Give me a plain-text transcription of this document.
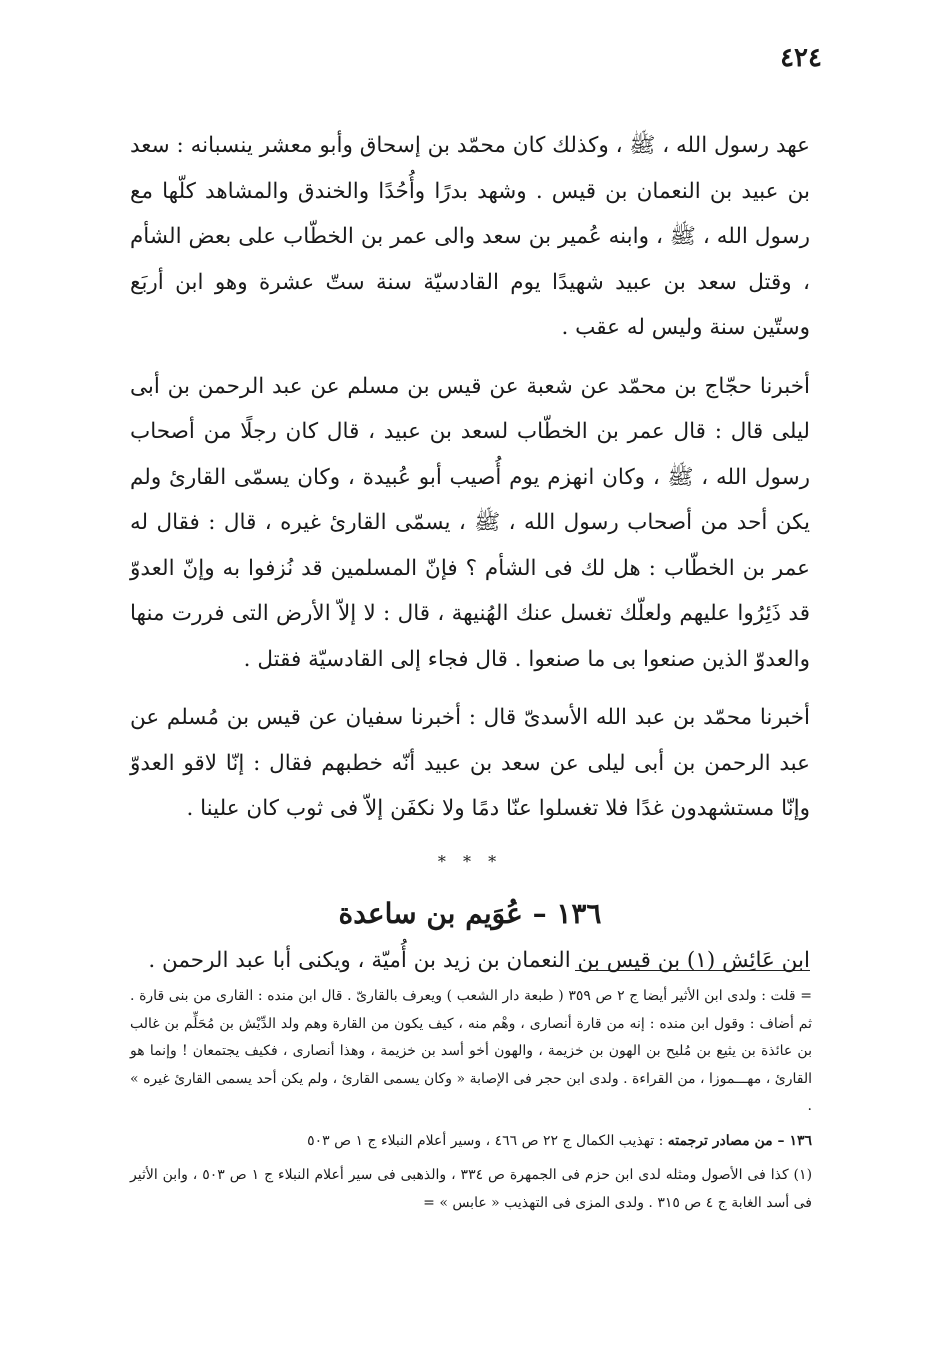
٤٢٤

عهد رسول الله ، ﷺ ، وكذلك كان محمّد بن إسحاق وأبو معشر ينسبانه : سعد بن عبيد بن النعمان بن قيس . وشهد بدرًا وأُحُدًا والخندق والمشاهد كلّها مع رسول الله ، ﷺ ، وابنه عُمير بن سعد والى عمر بن الخطّاب على بعض الشأم ، وقتل سعد بن عبيد شهيدًا يوم القادسيّة سنة ستّ عشرة وهو ابن أربَع وستّين سنة وليس له عقب .

أخبرنا حجّاج بن محمّد عن شعبة عن قيس بن مسلم عن عبد الرحمن بن أبى ليلى قال : قال عمر بن الخطّاب لسعد بن عبيد ، قال كان رجلًا من أصحاب رسول الله ، ﷺ ، وكان انهزم يوم أُصيب أبو عُبيدة ، وكان يسمّى القارئ ولم يكن أحد من أصحاب رسول الله ، ﷺ ، يسمّى القارئ غيره ، قال : فقال له عمر بن الخطّاب : هل لك فى الشأم ؟ فإنّ المسلمين قد نُزفوا به وإنّ العدوّ قد ذَئِرُوا عليهم ولعلّك تغسل عنك الهُنيهة ، قال : لا إلاّ الأرض التى فررت منها والعدوّ الذين صنعوا بى ما صنعوا . قال فجاء إلى القادسيّة فقتل .

أخبرنا محمّد بن عبد الله الأسدىّ قال : أخبرنا سفيان عن قيس بن مُسلم عن عبد الرحمن بن أبى ليلى عن سعد بن عبيد أنّه خطبهم فقال : إنّا لاقو العدوّ وإنّا مستشهدون غدًا فلا تغسلوا عنّا دمًا ولا نكفَن إلاّ فى ثوب كان علينا .

* * *
١٣٦ – عُوَيم بن ساعدة

ابن عَائِش (١) بن قيس بن النعمان بن زيد بن أُميّة ، ويكنى أبا عبد الرحمن .

= قلت : ولدى ابن الأثير أيضا ج ٢ ص ٣٥٩ ( طبعة دار الشعب ) ويعرف بالقارىّ . قال ابن منده : القارى من بنى قارة . ثم أضاف : وقول ابن منده : إنه من قارة أنصارى ، وهْم منه ، كيف يكون من القارة وهم ولد الدِّيْش بن مُحَلِّم بن غالب بن عائذة بن يثيع بن مُليح بن الهون بن خزيمة ، والهون أخو أسد بن خزيمة ، وهذا أنصارى ، فكيف يجتمعان ! وإنما هو القارئ ، مهـــموزا ، من القراءة . ولدى ابن حجر فى الإصابة « وكان يسمى القارئ ، ولم يكن أحد يسمى القارئ غيره » .

١٣٦ – من مصادر ترجمته : تهذيب الكمال ج ٢٢ ص ٤٦٦ ، وسير أعلام النبلاء ج ١ ص ٥٠٣

(١) كذا فى الأصول ومثله لدى ابن حزم فى الجمهرة ص ٣٣٤ ، والذهبى فى سير أعلام النبلاء ج ١ ص ٥٠٣ ، وابن الأثير فى أسد الغابة ج ٤ ص ٣١٥ . ولدى المزى فى التهذيب « عابس » =
